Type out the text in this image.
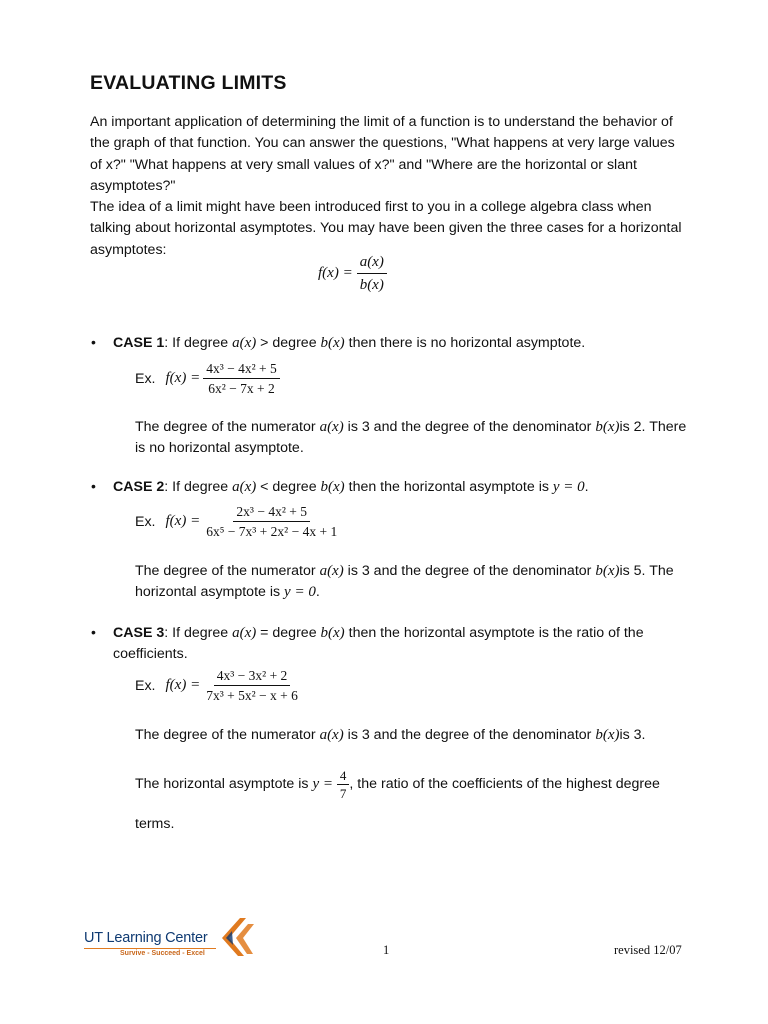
EVALUATING LIMITS

An important application of determining the limit of a function is to understand the behavior of the graph of that function. You can answer the questions, "What happens at very large values of x?" "What happens at very small values of x?" and "Where are the horizontal or slant asymptotes?"

The idea of a limit might have been introduced first to you in a college algebra class when talking about horizontal asymptotes. You may have been given the three cases for a horizontal asymptotes:

$f(x) = \frac{a(x)}{b(x)}$
• CASE 1: If degree a(x) > degree b(x) then there is no horizontal asymptote.

Ex. $f(x) = \frac{\text{4x³ − 4x² + 5}}{\text{6x² − 7x + 2}}$

The degree of the numerator a(x) is 3 and the degree of the denominator b(x)is 2. There is no horizontal asymptote.

• CASE 2: If degree a(x) < degree b(x) then the horizontal asymptote is y = 0.

Ex. $f(x) = \frac{\text{2x³ − 4x² + 5}}{\text{6x⁵ − 7x³ + 2x² − 4x + 1}}$

The degree of the numerator a(x) is 3 and the degree of the denominator b(x)is 5. The horizontal asymptote is y = 0.

• CASE 3: If degree a(x) = degree b(x) then the horizontal asymptote is the ratio of the coefficients.

Ex. $f(x) = \frac{\text{4x³ − 3x² + 2}}{\text{7x³ + 5x² − x + 6}}$

The degree of the numerator a(x) is 3 and the degree of the denominator b(x)is 3.

The horizontal asymptote is $y = \frac{4}{7}$ , the ratio of the coefficients of the highest degree terms.
UT Learning Center
Survive - Succeed - Excel	1	revised 12/07
